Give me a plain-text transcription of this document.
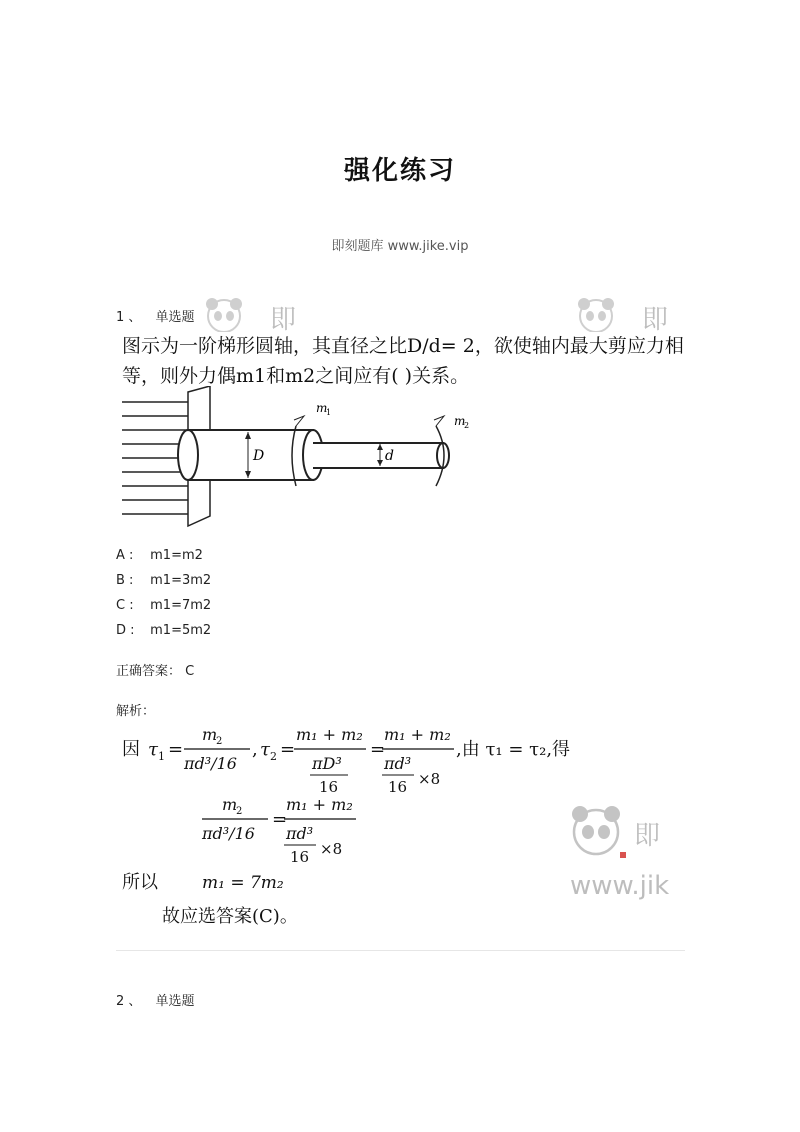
强化练习
即刻题库 www.jike.vip
即	即
即
www.jik
1 、 单选题
图示为一阶梯形圆轴，其直径之比D/d= 2，欲使轴内最大剪应力相等，则外力偶m1和m2之间应有( )关系。
D	d
m
1
m
2
A : m1=m2
B : m1=3m2
C : m1=7m2
D : m1=5m2
正确答案： C
解析：
因 τ 1 =
m
2
πd³/16
, τ 2 =
m₁ + m₂
πD³
16
=
m₁ + m₂
πd³
16 ×8
,由 τ₁ = τ₂,得
m
2
πd³/16
=
m₁ + m₂
πd³
16 ×8
所以	m₁ = 7m₂
故应选答案(C)。
2 、 单选题
